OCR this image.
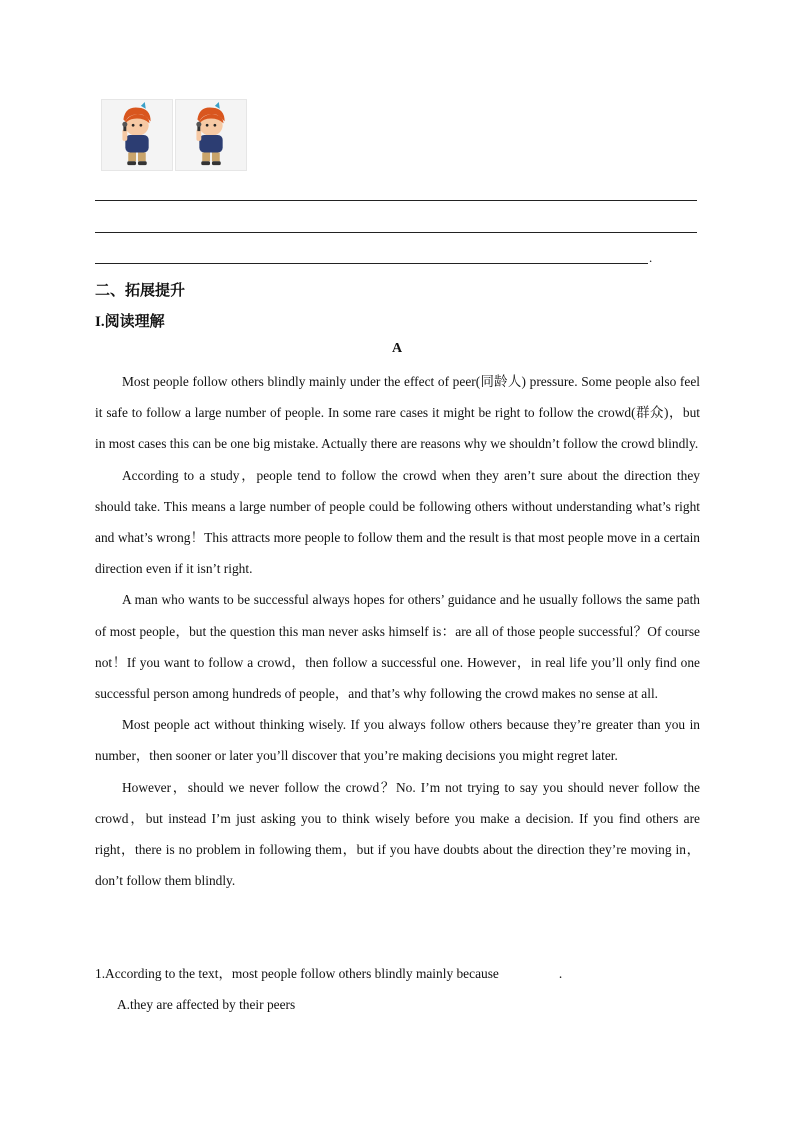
.
二、拓展提升
I.阅读理解
A

Most people follow others blindly mainly under the effect of peer(同龄人) pressure. Some people also feel it safe to follow a large number of people. In some rare cases it might be right to follow the crowd(群众)，but in most cases this can be one big mistake. Actually there are reasons why we shouldn’t follow the crowd blindly.

According to a study，people tend to follow the crowd when they aren’t sure about the direction they should take. This means a large number of people could be following others without understanding what’s right and what’s wrong！This attracts more people to follow them and the result is that most people move in a certain direction even if it isn’t right.

A man who wants to be successful always hopes for others’ guidance and he usually follows the same path of most people，but the question this man never asks himself is：are all of those people successful？Of course not！If you want to follow a crowd，then follow a successful one. However，in real life you’ll only find one successful person among hundreds of people，and that’s why following the crowd makes no sense at all.

Most people act without thinking wisely. If you always follow others because they’re greater than you in number，then sooner or later you’ll discover that you’re making decisions you might regret later.

However，should we never follow the crowd？No. I’m not trying to say you should never follow the crowd，but instead I’m just asking you to think wisely before you make a decision. If you find others are right，there is no problem in following them，but if you have doubts about the direction they’re moving in，don’t follow them blindly.

1.According to the text，most people follow others blindly mainly because	.
A.they are affected by their peers
